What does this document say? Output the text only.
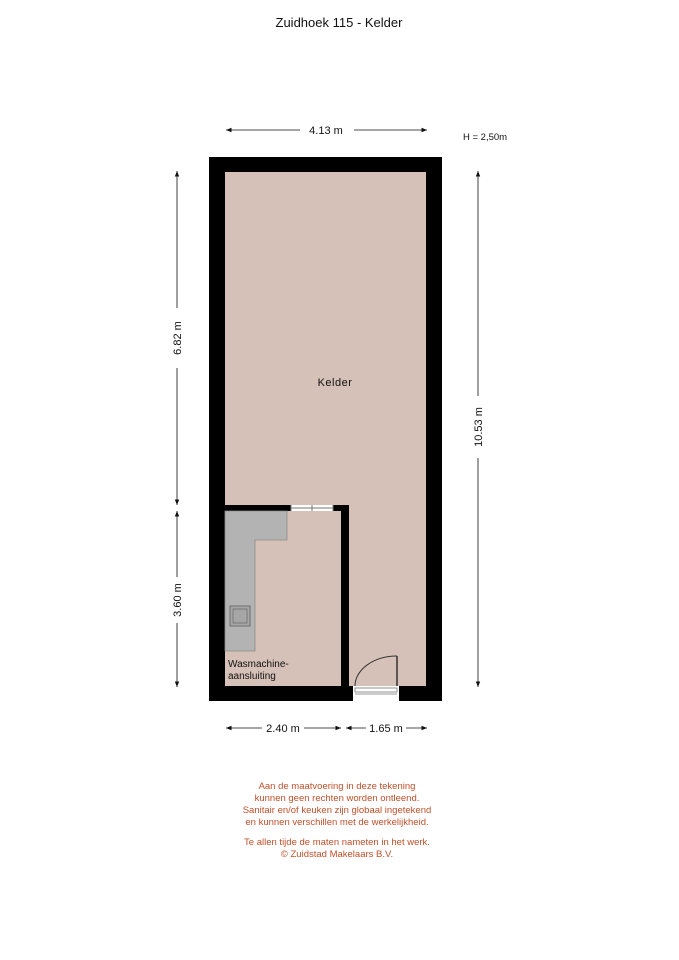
Zuidhoek 115 - Kelder
H = 2,50m
4.13 m
6.82 m
3.60 m
10.53 m
2.40 m	1.65 m
Kelder
Wasmachine-
aansluiting
Aan de maatvoering in deze tekening
kunnen geen rechten worden ontleend.
Sanitair en/of keuken zijn globaal ingetekend
en kunnen verschillen met de werkelijkheid.
Te allen tijde de maten nameten in het werk.
© Zuidstad Makelaars B.V.
